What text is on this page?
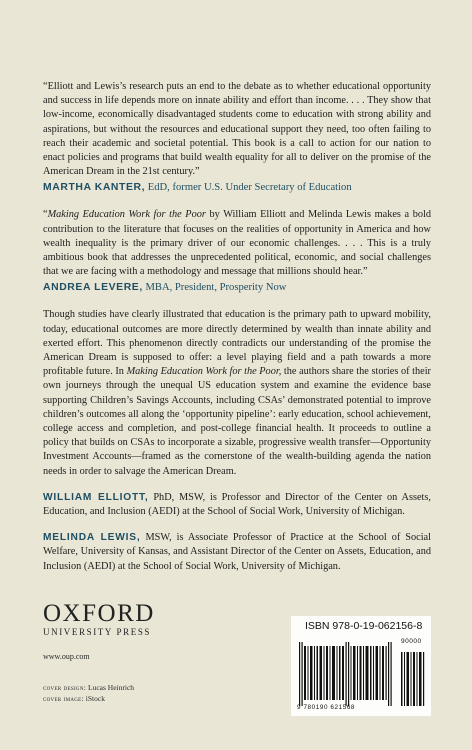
“Elliott and Lewis’s research puts an end to the debate as to whether educational opportunity and success in life depends more on innate ability and effort than income. . . . They show that low-income, economically disadvantaged students come to education with strong ability and aspirations, but without the resources and educational support they need, too often failing to reach their academic and societal potential. This book is a call to action for our nation to enact policies and programs that build wealth equality for all to deliver on the promise of the American Dream in the 21st century.”

MARTHA KANTER, EdD, former U.S. Under Secretary of Education

“Making Education Work for the Poor by William Elliott and Melinda Lewis makes a bold contribution to the literature that focuses on the realities of opportunity in America and how wealth inequality is the primary driver of our economic challenges. . . . This is a truly ambitious book that addresses the unprecedented political, economic, and social challenges that we are facing with a methodology and message that millions should hear.”

ANDREA LEVERE, MBA, President, Prosperity Now

Though studies have clearly illustrated that education is the primary path to upward mobility, today, educational outcomes are more directly determined by wealth than innate ability and exerted effort. This phenomenon directly contradicts our understanding of the promise the American Dream is supposed to offer: a level playing field and a path towards a more profitable future. In Making Education Work for the Poor, the authors share the stories of their own journeys through the unequal US education system and examine the evidence base supporting Children’s Savings Accounts, including CSAs’ demonstrated potential to improve children’s outcomes all along the ‘opportunity pipeline’: early education, school achievement, college access and completion, and post-college financial health. It proceeds to outline a policy that builds on CSAs to incorporate a sizable, progressive wealth transfer—Opportunity Investment Accounts—framed as the cornerstone of the wealth-building agenda the nation needs in order to salvage the American Dream.

WILLIAM ELLIOTT, PhD, MSW, is Professor and Director of the Center on Assets, Education, and Inclusion (AEDI) at the School of Social Work, University of Michigan.

MELINDA LEWIS, MSW, is Associate Professor of Practice at the School of Social Welfare, University of Kansas, and Assistant Director of the Center on Assets, Education, and Inclusion (AEDI) at the School of Social Work, University of Michigan.

OXFORD
UNIVERSITY PRESS
www.oup.com
cover design: Lucas Heinrich
cover image: iStock
ISBN 978-0-19-062156-8
90000
9 780190 621568
